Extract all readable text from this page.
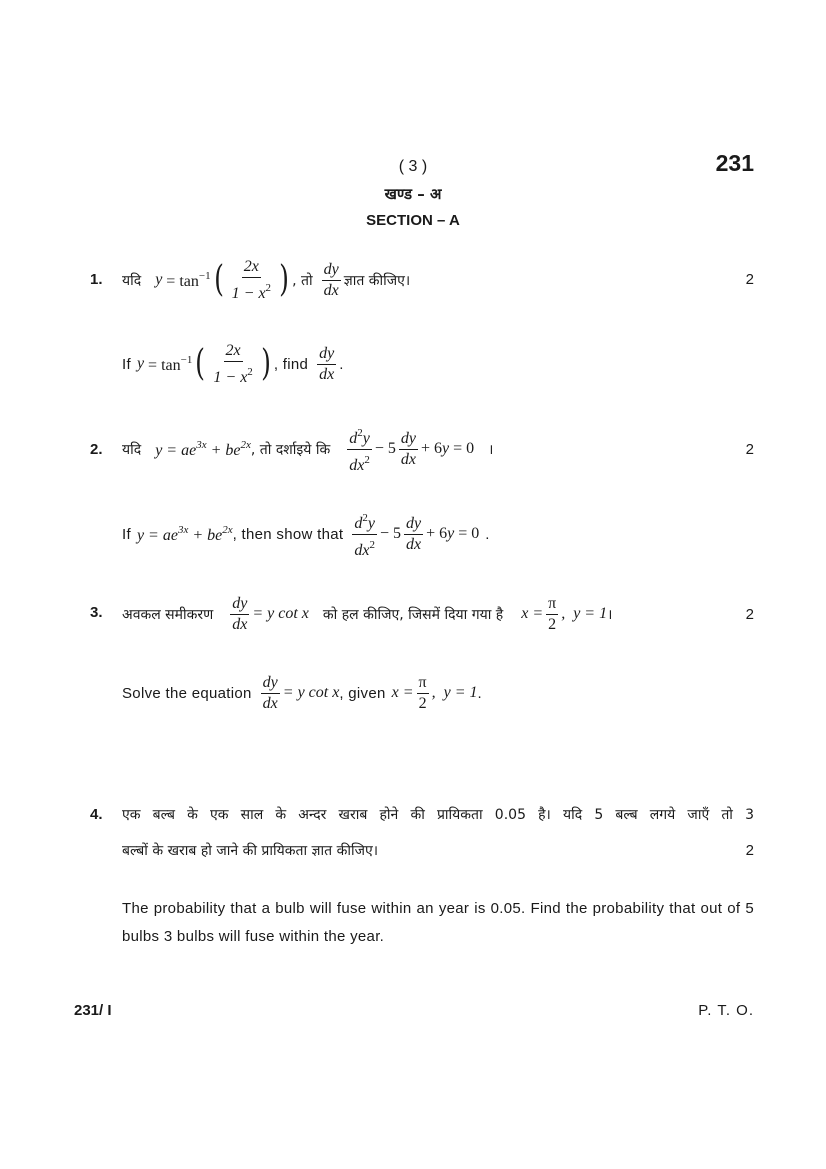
( 3 )	231
खण्ड – अ
SECTION – A
1.	2
यदि $y = \tan^{-1}$ ( $\frac{2x}{1 - x^2}$ ) , तो $\frac{dy}{dx}$ ज्ञात कीजिए।
If $y = \tan^{-1}$ ( $\frac{2x}{1 - x^2}$ ) , find $\frac{dy}{dx}$ .
2.	2
यदि $y = ae^{3x} + be^{2x}$ , तो दर्शाइये कि $\frac{d^2y}{dx^2} - 5 \frac{dy}{dx} + 6y = 0$ ।
If $y = ae^{3x} + be^{2x}$ , then show that $\frac{d^2y}{dx^2} - 5 \frac{dy}{dx} + 6y = 0$ .
3.	2
अवकल समीकरण $\frac{dy}{dx} = y$ cot x को हल कीजिए, जिसमें दिया गया है $x = \frac{\pi}{2}$ ,  y = 1 ।
Solve the equation $\frac{dy}{dx} = y$ cot x , given $x = \frac{\pi}{2}$ ,  y = 1 .
4. एक बल्ब के एक साल के अन्दर खराब होने की प्रायिकता 0.05 है। यदि 5 बल्ब लगये जाएँ तो 3
बल्बों के खराब हो जाने की प्रायिकता ज्ञात कीजिए।	2
The probability that a bulb will fuse within an year is 0.05. Find the probability that out of 5 bulbs 3 bulbs will fuse within the year.
231/ I	P. T. O.
